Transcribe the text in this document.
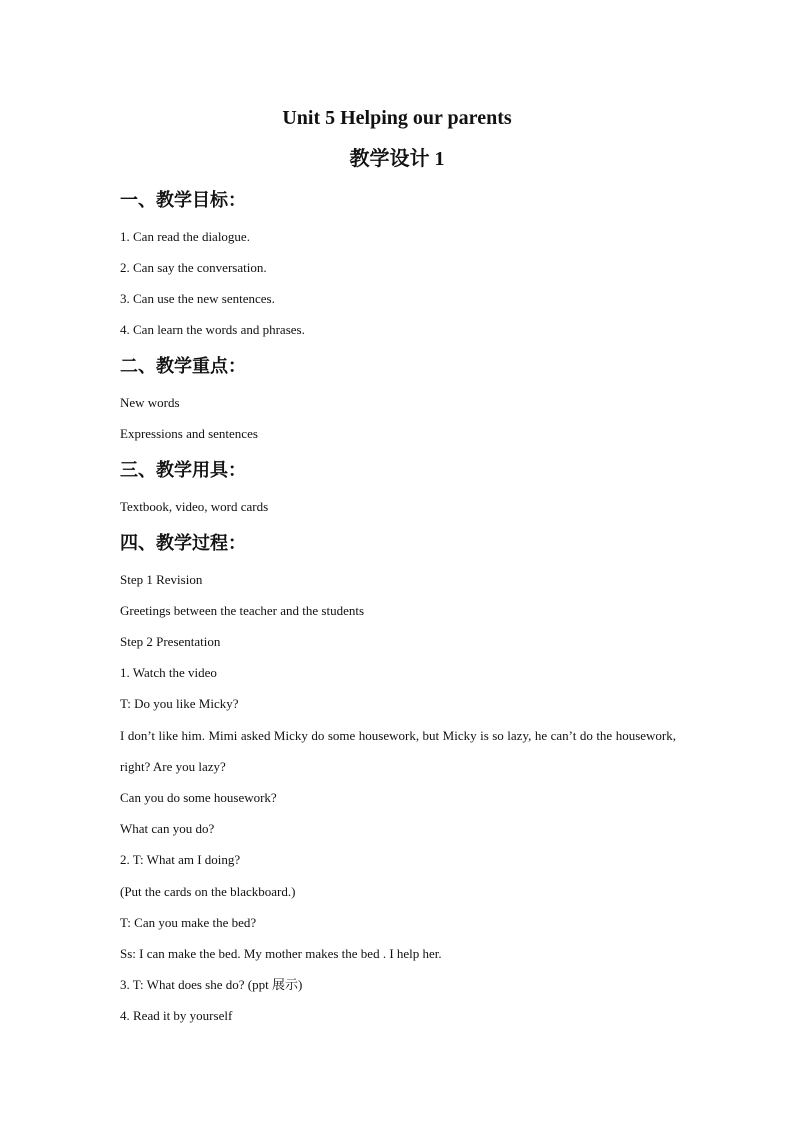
Unit 5 Helping our parents
教学设计 1
一、教学目标：
1. Can read the dialogue.
2. Can say the conversation.
3. Can use the new sentences.
4. Can learn the words and phrases.
二、教学重点：
New words
Expressions and sentences
三、教学用具：
Textbook, video, word cards
四、教学过程：
Step 1 Revision
Greetings between the teacher and the students
Step 2 Presentation
1. Watch the video
T: Do you like Micky?
I don’t like him. Mimi asked Micky do some housework, but Micky is so lazy, he can’t do the housework, right? Are you lazy?
Can you do some housework?
What can you do?
2. T: What am I doing?
(Put the cards on the blackboard.)
T: Can you make the bed?
Ss: I can make the bed. My mother makes the bed . I help her.
3. T: What does she do? (ppt 展示)
4. Read it by yourself
